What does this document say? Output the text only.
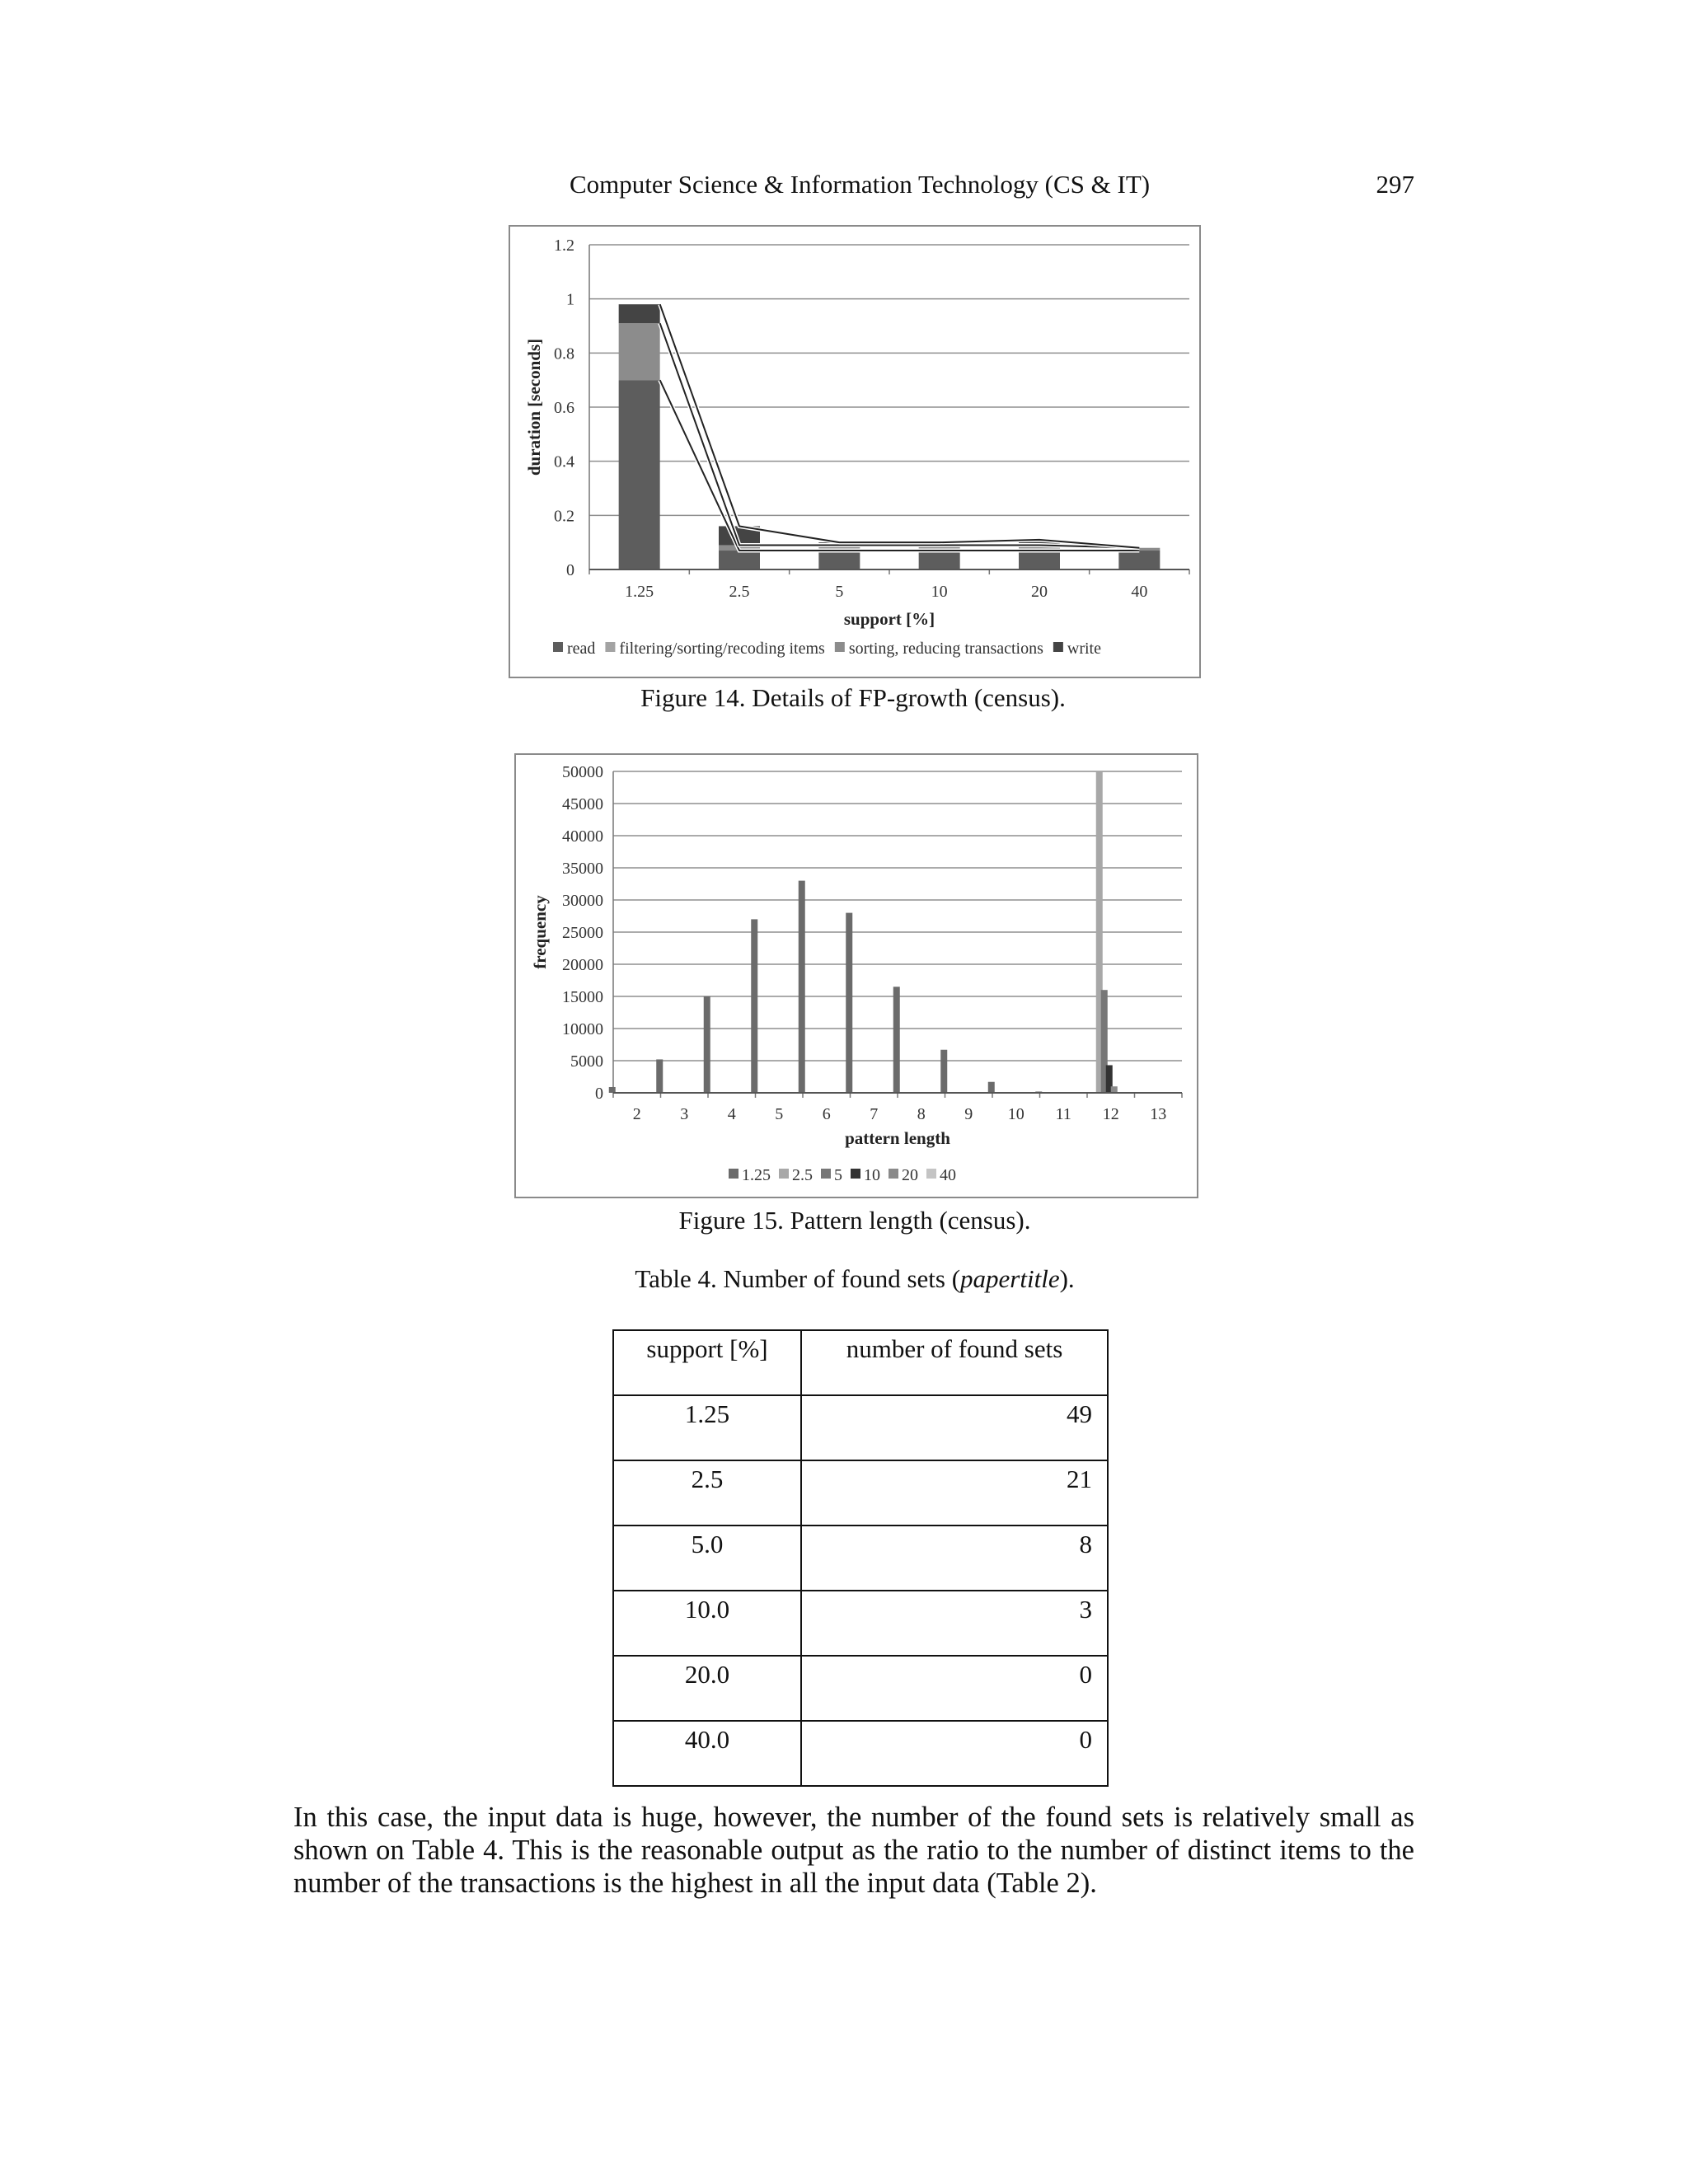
Computer Science & Information Technology (CS & IT)	297
0
0.2
0.4
0.6
0.8
1
1.2
1.25	2.5	5	10	20	40
support [%]
duration [seconds]
read filtering/sorting/recoding items sorting, reducing transactions write
Figure 14. Details of FP-growth (census).
0
5000
10000
15000
20000
25000
30000
35000
40000
45000
50000
2 3 4 5 6 7 8 9 10 11 12 13
pattern length
frequency
1.25 2.5 5 10 20 40
Figure 15. Pattern length (census).
Table 4. Number of found sets (papertitle).
support [%]	number of found sets
1.25	49
2.5	21
5.0	8
10.0	3
20.0	0
40.0	0
In this case, the input data is huge, however, the number of the found sets is relatively small as shown on Table 4. This is the reasonable output as the ratio to the number of distinct items to the number of the transactions is the highest in all the input data (Table 2).
